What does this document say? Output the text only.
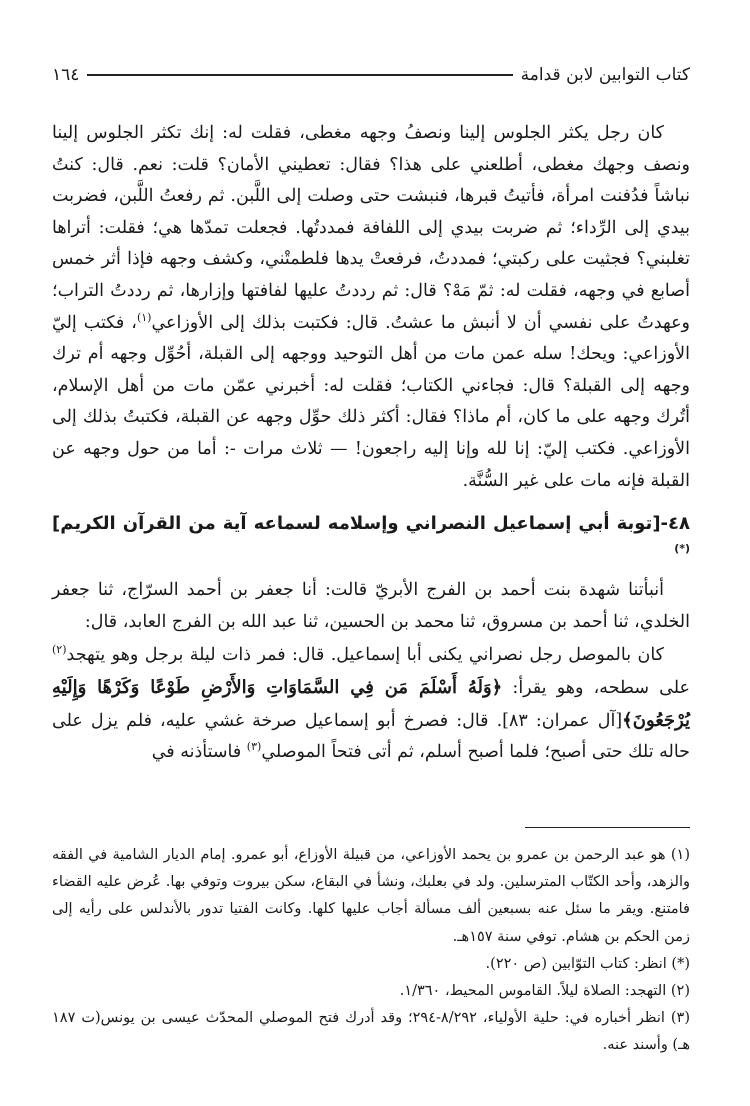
كتاب التوابين لابن قدامة
١٦٤

كان رجل يكثر الجلوس إلينا ونصفُ وجهه مغطى، فقلت له: إنك تكثر الجلوس إلينا ونصف وجهك مغطى، أطلعني على هذا؟ فقال: تعطيني الأمان؟ قلت: نعم. قال: كنتُ نباشاً فدُفنت امرأة، فأتيتُ قبرها، فنبشت حتى وصلت إلى اللَّبن. ثم رفعتُ اللَّبن، فضربت بيدي إلى الرِّداء؛ ثم ضربت بيدي إلى اللفافة فمددتُها. فجعلت تمدّها هي؛ فقلت: أتراها تغلبني؟ فجثيت على ركبتي؛ فمددتُ، فرفعتْ يدها فلطمتْني، وكشف وجهه فإذا أثر خمس أصابع في وجهه، فقلت له: ثمّ مَهْ؟ قال: ثم رددتُ عليها لفافتها وإزارها، ثم رددتُ التراب؛ وعهدتُ على نفسي أن لا أنبش ما عشتُ. قال: فكتبت بذلك إلى الأوزاعي$^{(١)}$، فكتب إليّ الأوزاعي: ويحك! سله عمن مات من أهل التوحيد ووجهه إلى القبلة، أحُوِّل وجهه أم ترك وجهه إلى القبلة؟ قال: فجاءني الكتاب؛ فقلت له: أخبرني عمّن مات من أهل الإسلام، أتُرك وجهه على ما كان، أم ماذا؟ فقال: أكثر ذلك حوِّل وجهه عن القبلة، فكتبتُ بذلك إلى الأوزاعي. فكتب إليّ: إنا لله وإنا إليه راجعون! — ثلاث مرات -: أما من حول وجهه عن القبلة فإنه مات على غير السُّنَّة.

٤٨-[توبة أبي إسماعيل النصراني وإسلامه لسماعه آية من القرآن الكريم](*)

أنبأتنا شهدة بنت أحمد بن الفرج الأبريّ قالت: أنا جعفر بن أحمد السرّاج، ثنا جعفر الخلدي، ثنا أحمد بن مسروق، ثنا محمد بن الحسين، ثنا عبد الله بن الفرج العابد، قال:

كان بالموصل رجل نصراني يكنى أبا إسماعيل. قال: فمر ذات ليلة برجل وهو يتهجد$^{(٢)}$ على سطحه، وهو يقرأ: ﴿وَلَهُ أَسْلَمَ مَن فِي السَّمَاوَاتِ وَالأَرْضِ طَوْعًا وَكَرْهًا وَإِلَيْهِ يُرْجَعُونَ﴾[آل عمران: ٨٣]. قال: فصرخ أبو إسماعيل صرخة غشي عليه، فلم يزل على حاله تلك حتى أصبح؛ فلما أصبح أسلم، ثم أتى فتحاً الموصلي$^{(٣)}$ فاستأذنه في

(١) هو عبد الرحمن بن عمرو بن يحمد الأوزاعي، من قبيلة الأوزاع، أبو عمرو. إمام الديار الشامية في الفقه والزهد، وأحد الكتّاب المترسلين. ولد في بعلبك، ونشأ في البقاع، سكن بيروت وتوفي بها. عُرض عليه القضاء فامتنع. ويقر ما سئل عنه بسبعين ألف مسألة أجاب عليها كلها. وكانت الفتيا تدور بالأندلس على رأيه إلى زمن الحكم بن هشام. توفي سنة ١٥٧هـ.

(*) انظر: كتاب التوّابين (ص ٢٢٠).

(٢) التهجد: الصلاة ليلاً. القاموس المحيط، ١/٣٦٠.

(٣) انظر أخباره في: حلية الأولياء، ٨/٢٩٢-٢٩٤؛ وقد أدرك فتح الموصلي المحدّث عيسى بن يونس(ت ١٨٧ هـ) وأسند عنه.
